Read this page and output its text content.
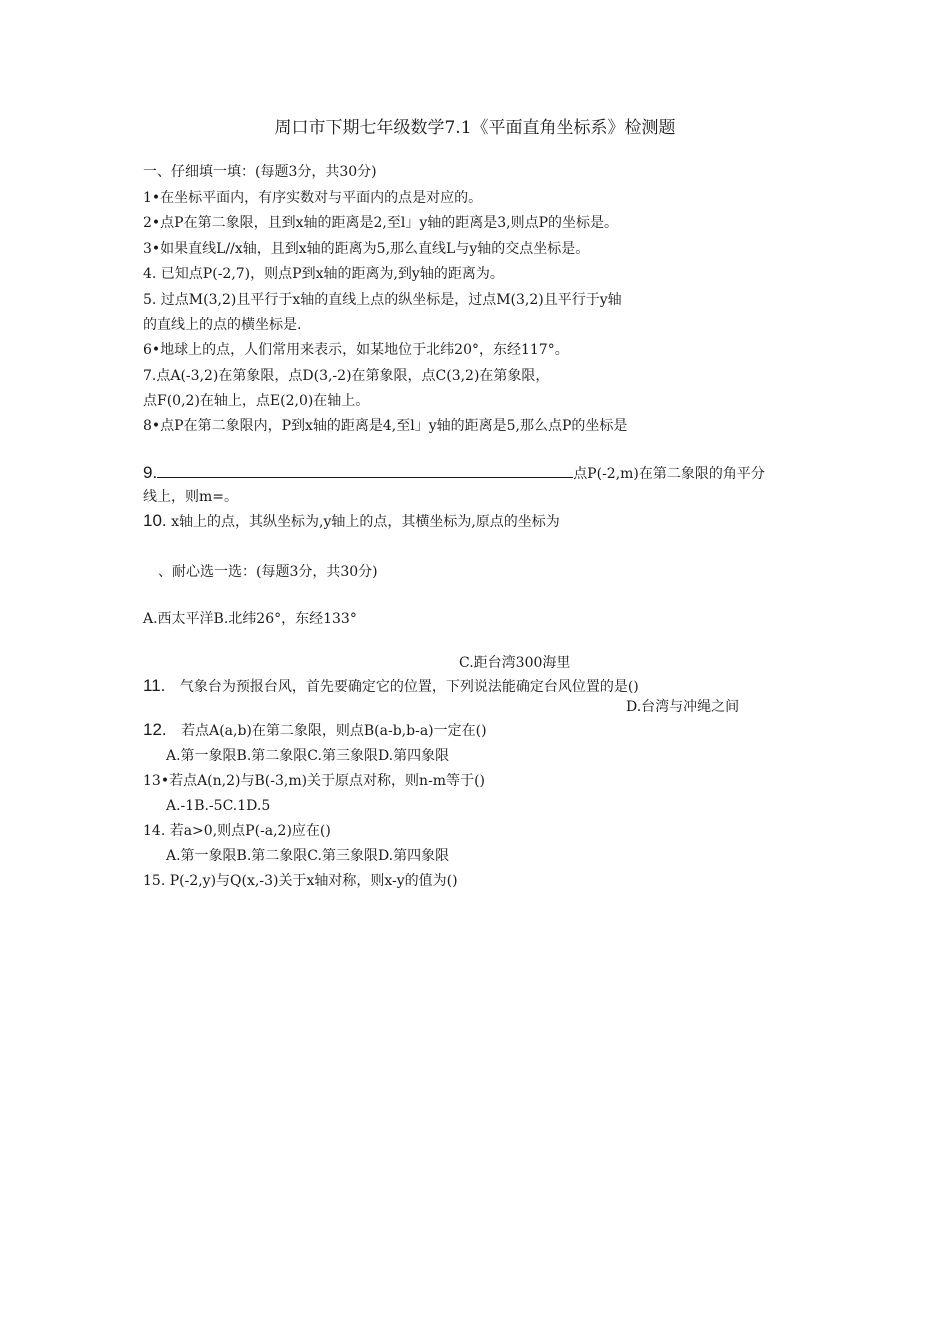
周口市下期七年级数学7.1《平面直角坐标系》检测题
一、仔细填一填：(每题3分，共30分)
1•在坐标平面内，有序实数对与平面内的点是对应的。
2•点P在第二象限，且到x轴的距离是2,至l」y轴的距离是3,则点P的坐标是。
3•如果直线L//x轴，且到x轴的距离为5,那么直线L与y轴的交点坐标是。
4. 已知点P(-2,7)，则点P到x轴的距离为,到y轴的距离为。
5. 过点M(3,2)且平行于x轴的直线上点的纵坐标是，过点M(3,2)且平行于y轴
的直线上的点的横坐标是.
6•地球上的点，人们常用来表示，如某地位于北纬20°，东经117°。
7.点A(-3,2)在第象限，点D(3,-2)在第象限，点C(3,2)在第象限，
点F(0,2)在轴上，点E(2,0)在轴上。
8•点P在第二象限内，P到x轴的距离是4,至l」y轴的距离是5,那么点P的坐标是
9.	点P(-2,m)在第二象限的角平分
线上，则m=。
10. x轴上的点，其纵坐标为,y轴上的点，其横坐标为,原点的坐标为
、耐心选一选：(每题3分，共30分)
A.西太平洋B.北纬26°，东经133°
C.距台湾300海里
11. 气象台为预报台风，首先要确定它的位置，下列说法能确定台风位置的是()
D.台湾与冲绳之间
12. 若点A(a,b)在第二象限，则点B(a-b,b-a)一定在()
A.第一象限B.第二象限C.第三象限D.第四象限
13•若点A(n,2)与B(-3,m)关于原点对称，则n-m等于()
A.-1B.-5C.1D.5
14. 若a>0,则点P(-a,2)应在()
A.第一象限B.第二象限C.第三象限D.第四象限
15. P(-2,y)与Q(x,-3)关于x轴对称，则x-y的值为()
